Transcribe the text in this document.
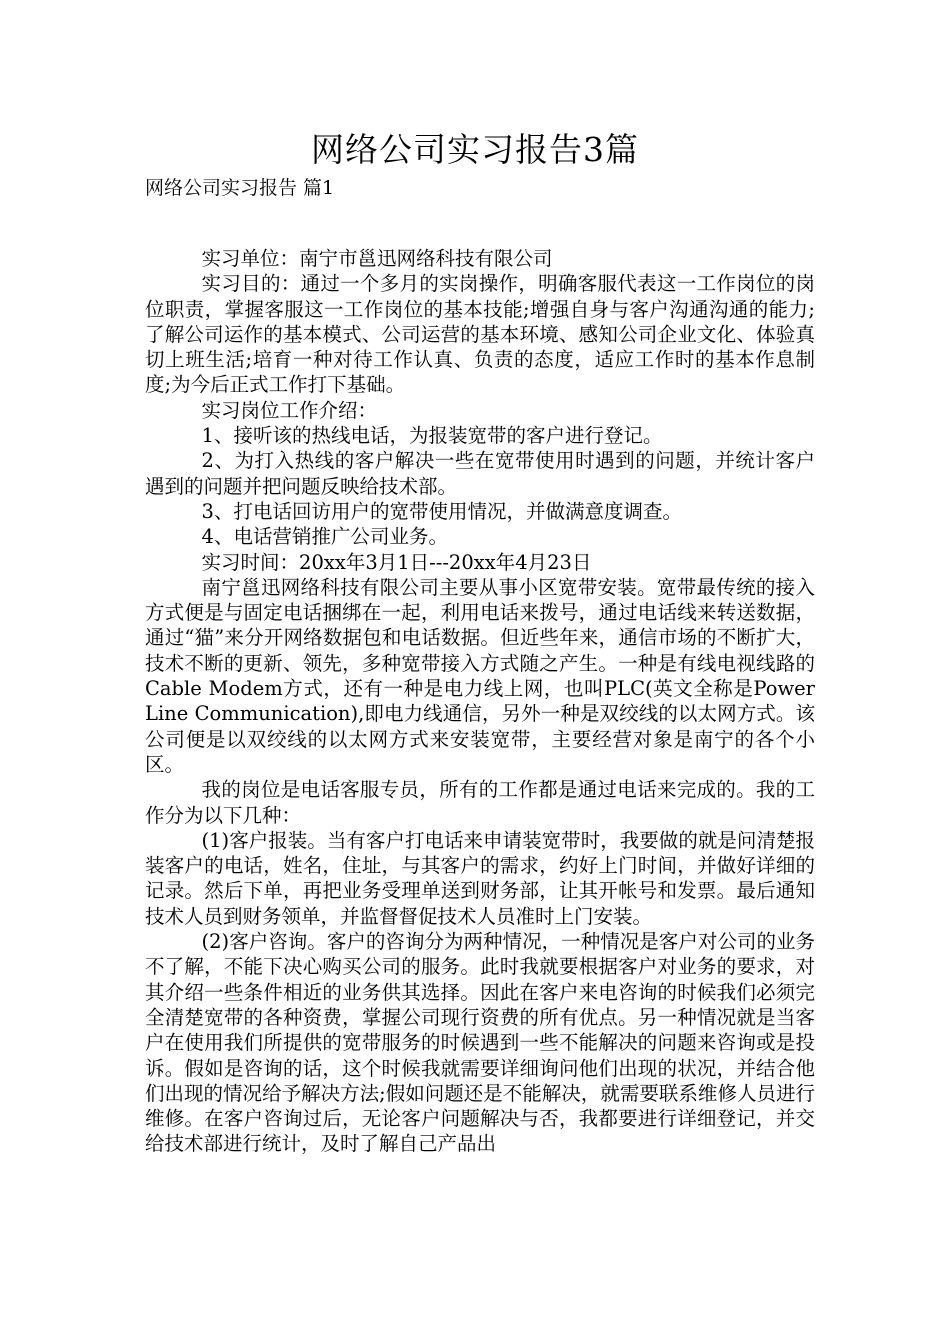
网络公司实习报告3篇
网络公司实习报告 篇1

实习单位：南宁市邕迅网络科技有限公司

实习目的：通过一个多月的实岗操作，明确客服代表这一工作岗位的岗位职责，掌握客服这一工作岗位的基本技能;增强自身与客户沟通沟通的能力;了解公司运作的基本模式、公司运营的基本环境、感知公司企业文化、体验真切上班生活;培育一种对待工作认真、负责的态度，适应工作时的基本作息制度;为今后正式工作打下基础。

实习岗位工作介绍：

1、接听该的热线电话，为报装宽带的客户进行登记。

2、为打入热线的客户解决一些在宽带使用时遇到的问题，并统计客户遇到的问题并把问题反映给技术部。

3、打电话回访用户的宽带使用情况，并做满意度调查。

4、电话营销推广公司业务。

实习时间：20xx年3月1日---20xx年4月23日

南宁邕迅网络科技有限公司主要从事小区宽带安装。宽带最传统的接入方式便是与固定电话捆绑在一起，利用电话来拨号，通过电话线来转送数据，通过“猫”来分开网络数据包和电话数据。但近些年来，通信市场的不断扩大，技术不断的更新、领先，多种宽带接入方式随之产生。一种是有线电视线路的Cable Modem方式，还有一种是电力线上网，也叫PLC(英文全称是Power Line Communication),即电力线通信，另外一种是双绞线的以太网方式。该公司便是以双绞线的以太网方式来安装宽带，主要经营对象是南宁的各个小区。

我的岗位是电话客服专员，所有的工作都是通过电话来完成的。我的工作分为以下几种：

(1)客户报装。当有客户打电话来申请装宽带时，我要做的就是问清楚报装客户的电话，姓名，住址，与其客户的需求，约好上门时间，并做好详细的记录。然后下单，再把业务受理单送到财务部，让其开帐号和发票。最后通知技术人员到财务领单，并监督督促技术人员准时上门安装。

(2)客户咨询。客户的咨询分为两种情况，一种情况是客户对公司的业务不了解，不能下决心购买公司的服务。此时我就要根据客户对业务的要求，对其介绍一些条件相近的业务供其选择。因此在客户来电咨询的时候我们必须完全清楚宽带的各种资费，掌握公司现行资费的所有优点。另一种情况就是当客户在使用我们所提供的宽带服务的时候遇到一些不能解决的问题来咨询或是投诉。假如是咨询的话，这个时候我就需要详细询问他们出现的状况，并结合他们出现的情况给予解决方法;假如问题还是不能解决，就需要联系维修人员进行维修。在客户咨询过后，无论客户问题解决与否，我都要进行详细登记，并交给技术部进行统计，及时了解自己产品出
